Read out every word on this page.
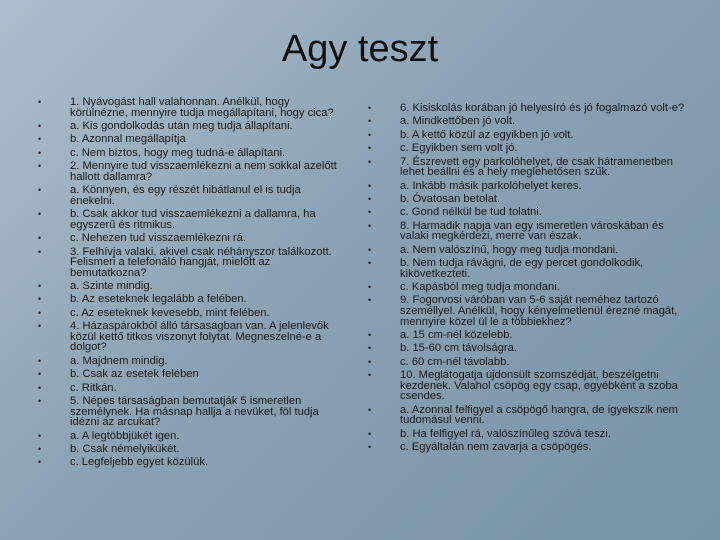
Agy teszt
• 1. Nyávogást hall valahonnan. Anélkül, hogy körülnézne, mennyire tudja megállapítani, hogy cica?
• a. Kis gondolkodás után meg tudja állapítani.
• b. Azonnal megállapítja
• c. Nem biztos, hogy meg tudná-e állapítani.
• 2. Mennyire tud visszaemlékezni a nem sokkal azelőtt hallott dallamra?
• a. Könnyen, és egy részét hibátlanul el is tudja énekelni.
• b. Csak akkor tud visszaemlékezni a dallamra, ha egyszerű és ritmikus.
• c. Nehezen tud visszaemlékezni rá.
• 3. Felhívja valaki, akivel csak néhányszor találkozott. Felismeri a telefonáló hangját, mielőtt az bemutatkozna?
• a. Szinte mindig.
• b. Az eseteknek legalább a felében.
• c. Az eseteknek kevesebb, mint felében.
• 4. Házaspárokból álló társaságban van. A jelenlevők közül kettő titkos viszonyt folytat. Megneszelné-e a dolgot?
• a. Majdnem mindig.
• b. Csak az esetek felében
• c. Ritkán.
• 5. Népes társaságban bemutatják 5 ismeretlen személynek. Ha másnap hallja a nevüket, föl tudja idézni az arcukat?
• a. A legtöbbjükét igen.
• b. Csak némelyikükét.
• c. Legfeljebb egyet közülük.
• 6. Kisiskolás korában jó helyesíró és jó fogalmazó volt-e?
• a. Mindkettőben jó volt.
• b. A kettő közül az egyikben jó volt.
• c. Egyikben sem volt jó.
• 7. Észrevett egy parkolóhelyet, de csak hátramenetben lehet beállni és a hely meglehetősen szűk.
• a. Inkább másik parkolóhelyet keres.
• b. Óvatosan betolat.
• c. Gond nélkül be tud tolatni.
• 8. Harmadik napja van egy ismeretlen városkában és valaki megkérdezi, merre van észak.
• a. Nem valószínű, hogy meg tudja mondani.
• b. Nem tudja rávágni, de egy percet gondolkodik, kikövetkezteti.
• c. Kapásból meg tudja mondani.
• 9. Fogorvosi váróban van 5-6 saját neméhez tartozó személlyel. Anélkül, hogy kényelmetlenül érezné magát, mennyire közel ül le a többiekhez?
• a. 15 cm-nél közelebb.
• b. 15-60 cm távolságra.
• c. 60 cm-nél távolabb.
• 10. Meglátogatja újdonsült szomszédját, beszélgetni kezdenek. Valahol csöpög egy csap, egyébként a szoba csendes.
• a. Azonnal felfigyel a csöpögő hangra, de igyekszik nem tudomásul venni.
• b. Ha felfigyel rá, valószínűleg szóvá teszi.
• c. Egyáltalán nem zavarja a csöpögés.
